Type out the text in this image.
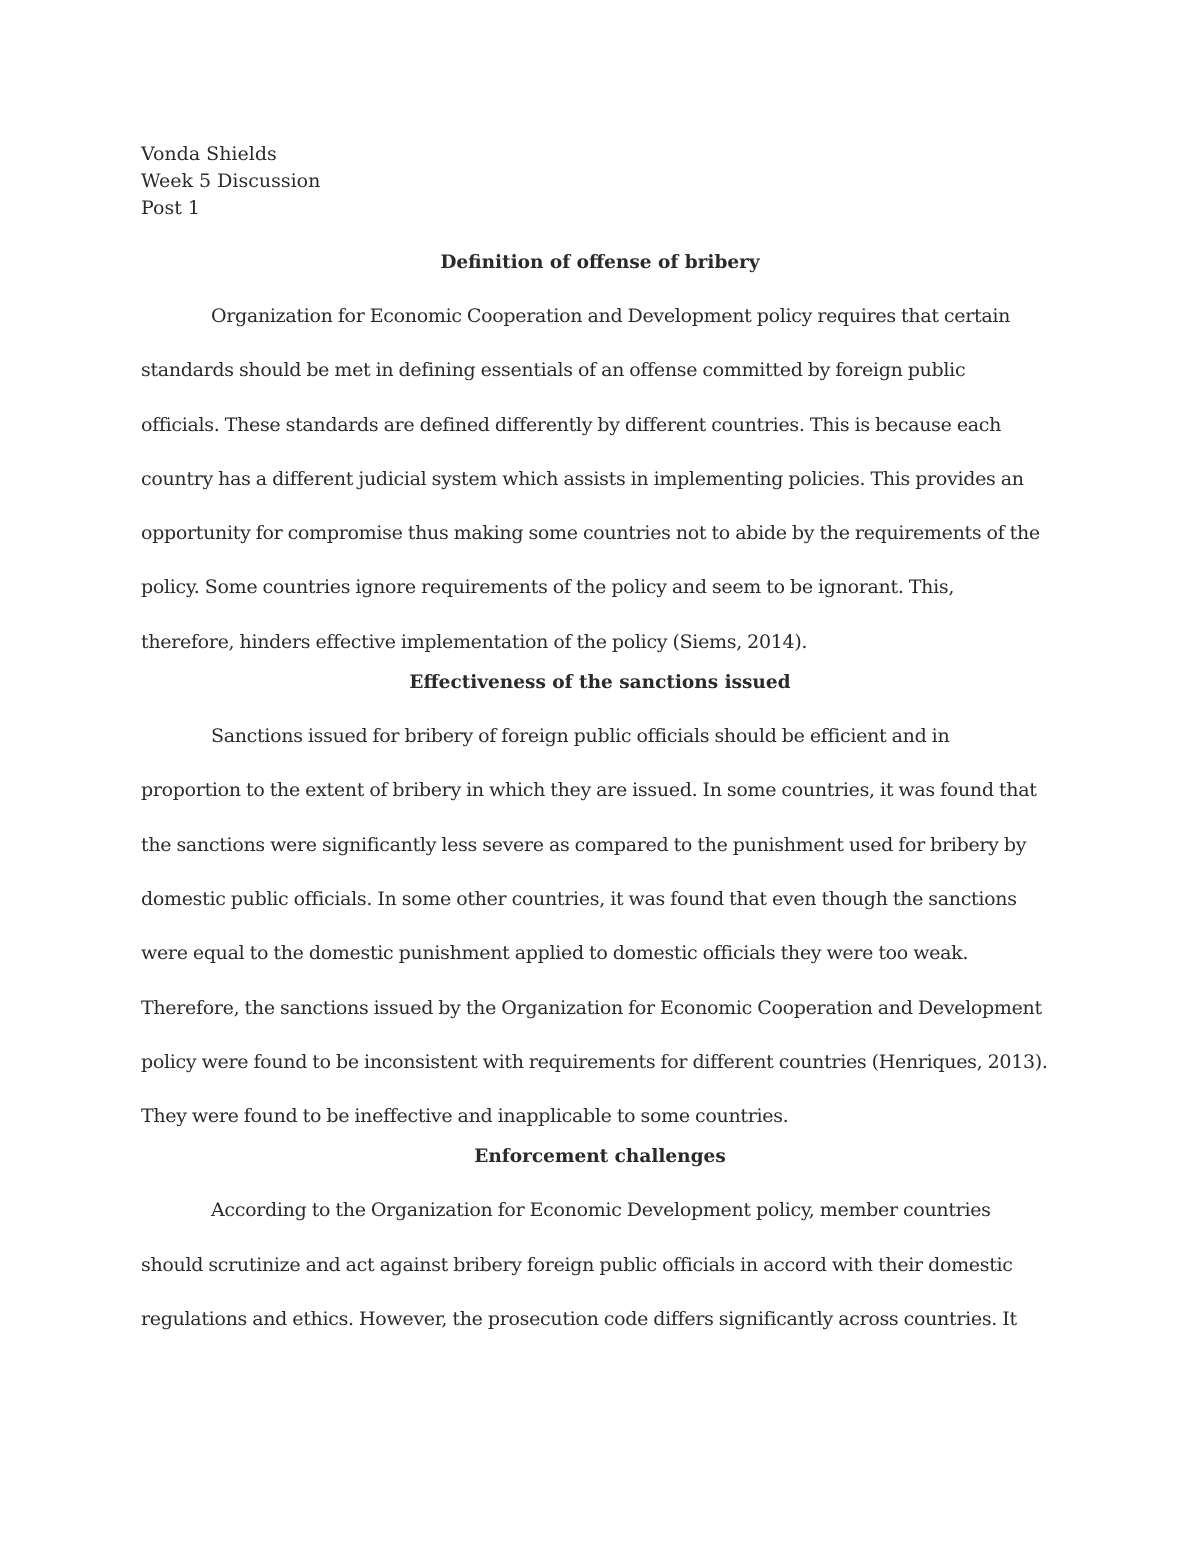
Vonda Shields

Week 5 Discussion

Post 1

Definition of offense of bribery
Organization for Economic Cooperation and Development policy requires that certain
standards should be met in defining essentials of an offense committed by foreign public
officials. These standards are defined differently by different countries. This is because each
country has a different judicial system which assists in implementing policies. This provides an
opportunity for compromise thus making some countries not to abide by the requirements of the
policy. Some countries ignore requirements of the policy and seem to be ignorant. This,
therefore, hinders effective implementation of the policy (Siems, 2014).
Effectiveness of the sanctions issued
Sanctions issued for bribery of foreign public officials should be efficient and in
proportion to the extent of bribery in which they are issued. In some countries, it was found that
the sanctions were significantly less severe as compared to the punishment used for bribery by
domestic public officials. In some other countries, it was found that even though the sanctions
were equal to the domestic punishment applied to domestic officials they were too weak.
Therefore, the sanctions issued by the Organization for Economic Cooperation and Development
policy were found to be inconsistent with requirements for different countries (Henriques, 2013).
They were found to be ineffective and inapplicable to some countries.
Enforcement challenges
According to the Organization for Economic Development policy, member countries
should scrutinize and act against bribery foreign public officials in accord with their domestic
regulations and ethics. However, the prosecution code differs significantly across countries. It
